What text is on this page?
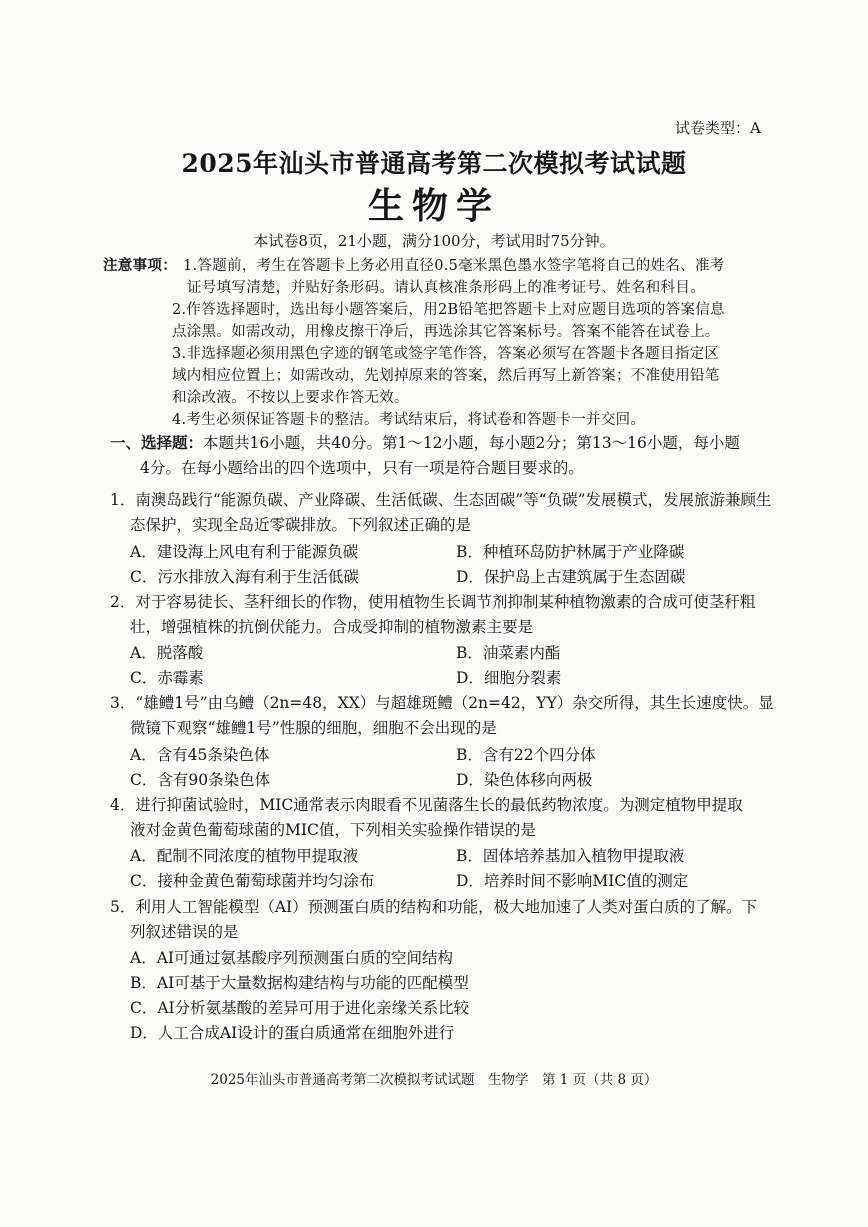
试卷类型：A
2025年汕头市普通高考第二次模拟考试试题
生物学
本试卷8页，21小题，满分100分，考试用时75分钟。
注意事项： 1.答题前，考生在答题卡上务必用直径0.5毫米黑色墨水签字笔将自己的姓名、准考
证号填写清楚，并贴好条形码。请认真核准条形码上的准考证号、姓名和科目。
2.作答选择题时，选出每小题答案后，用2B铅笔把答题卡上对应题目选项的答案信息
点涂黑。如需改动，用橡皮擦干净后，再选涂其它答案标号。答案不能答在试卷上。
3.非选择题必须用黑色字迹的钢笔或签字笔作答，答案必须写在答题卡各题目指定区
域内相应位置上；如需改动，先划掉原来的答案，然后再写上新答案；不准使用铅笔
和涂改液。不按以上要求作答无效。
4.考生必须保证答题卡的整洁。考试结束后，将试卷和答题卡一并交回。
一、选择题：本题共16小题，共40分。第1～12小题，每小题2分；第13～16小题，每小题
4分。在每小题给出的四个选项中，只有一项是符合题目要求的。
1．南澳岛践行“能源负碳、产业降碳、生活低碳、生态固碳”等“负碳”发展模式，发展旅游兼顾生
态保护，实现全岛近零碳排放。下列叙述正确的是
A．建设海上风电有利于能源负碳	B．种植环岛防护林属于产业降碳
C．污水排放入海有利于生活低碳	D．保护岛上古建筑属于生态固碳
2．对于容易徒长、茎秆细长的作物，使用植物生长调节剂抑制某种植物激素的合成可使茎秆粗
壮，增强植株的抗倒伏能力。合成受抑制的植物激素主要是
A．脱落酸	B．油菜素内酯
C．赤霉素	D．细胞分裂素
3．“雄鳢1号”由乌鳢（2n=48，XX）与超雄斑鳢（2n=42，YY）杂交所得，其生长速度快。显
微镜下观察“雄鳢1号”性腺的细胞，细胞不会出现的是
A．含有45条染色体	B．含有22个四分体
C．含有90条染色体	D．染色体移向两极
4．进行抑菌试验时，MIC通常表示肉眼看不见菌落生长的最低药物浓度。为测定植物甲提取
液对金黄色葡萄球菌的MIC值，下列相关实验操作错误的是
A．配制不同浓度的植物甲提取液	B．固体培养基加入植物甲提取液
C．接种金黄色葡萄球菌并均匀涂布	D．培养时间不影响MIC值的测定
5．利用人工智能模型（AI）预测蛋白质的结构和功能，极大地加速了人类对蛋白质的了解。下
列叙述错误的是
A．AI可通过氨基酸序列预测蛋白质的空间结构
B．AI可基于大量数据构建结构与功能的匹配模型
C．AI分析氨基酸的差异可用于进化亲缘关系比较
D．人工合成AI设计的蛋白质通常在细胞外进行
2025年汕头市普通高考第二次模拟考试试题　生物学　第 1 页（共 8 页）
